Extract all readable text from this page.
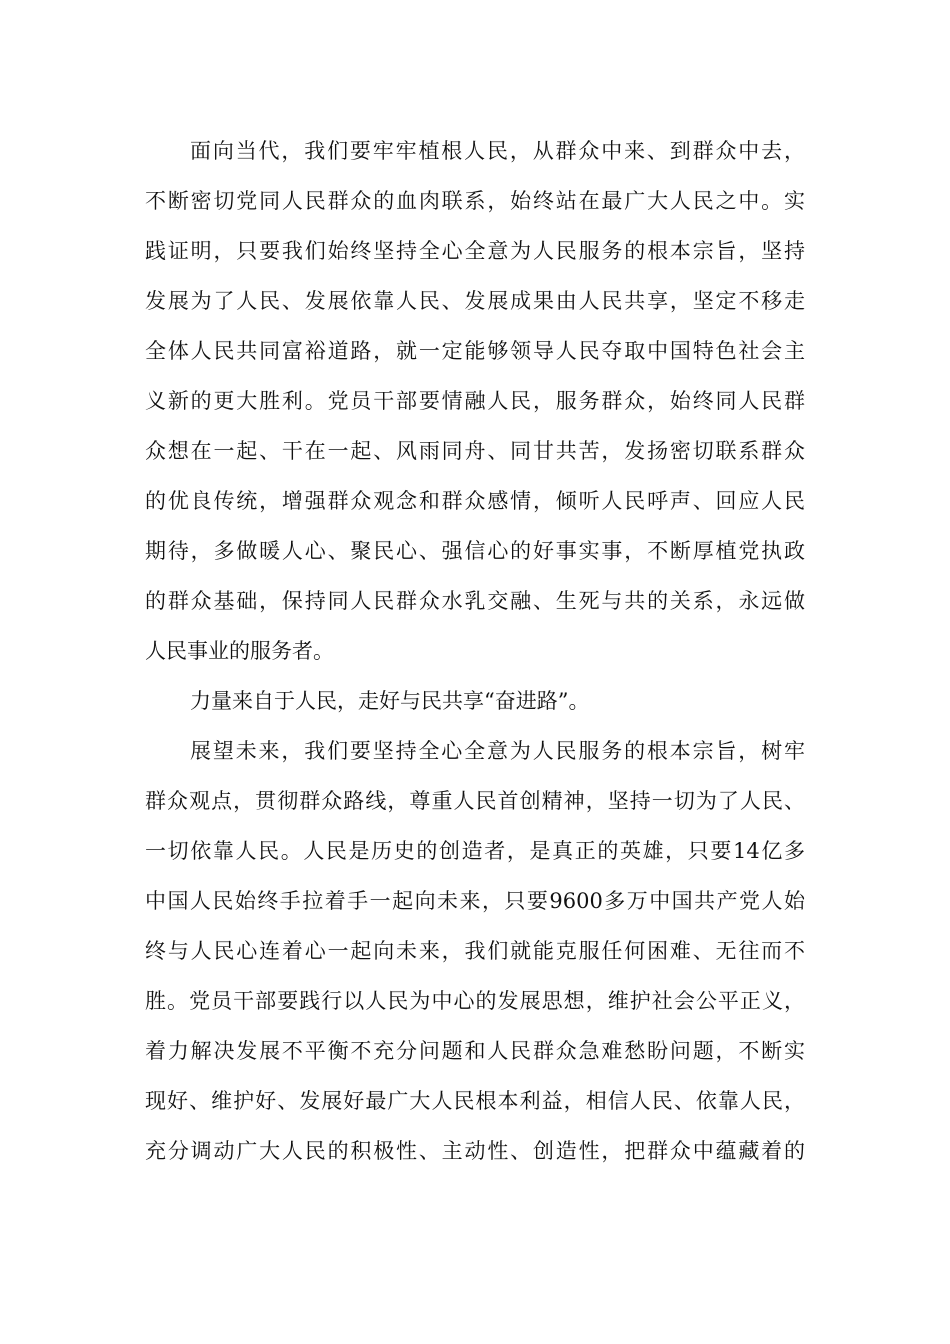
面向当代，我们要牢牢植根人民，从群众中来、到群众中去，
不断密切党同人民群众的血肉联系，始终站在最广大人民之中。实
践证明，只要我们始终坚持全心全意为人民服务的根本宗旨，坚持
发展为了人民、发展依靠人民、发展成果由人民共享，坚定不移走
全体人民共同富裕道路，就一定能够领导人民夺取中国特色社会主
义新的更大胜利。党员干部要情融人民，服务群众，始终同人民群
众想在一起、干在一起、风雨同舟、同甘共苦，发扬密切联系群众
的优良传统，增强群众观念和群众感情，倾听人民呼声、回应人民
期待，多做暖人心、聚民心、强信心的好事实事，不断厚植党执政
的群众基础，保持同人民群众水乳交融、生死与共的关系，永远做
人民事业的服务者。
力量来自于人民，走好与民共享“奋进路”。
展望未来，我们要坚持全心全意为人民服务的根本宗旨，树牢
群众观点，贯彻群众路线，尊重人民首创精神，坚持一切为了人民、
一切依靠人民。人民是历史的创造者，是真正的英雄，只要14亿多
中国人民始终手拉着手一起向未来，只要9600多万中国共产党人始
终与人民心连着心一起向未来，我们就能克服任何困难、无往而不
胜。党员干部要践行以人民为中心的发展思想，维护社会公平正义，
着力解决发展不平衡不充分问题和人民群众急难愁盼问题，不断实
现好、维护好、发展好最广大人民根本利益，相信人民、依靠人民，
充分调动广大人民的积极性、主动性、创造性，把群众中蕴藏着的
